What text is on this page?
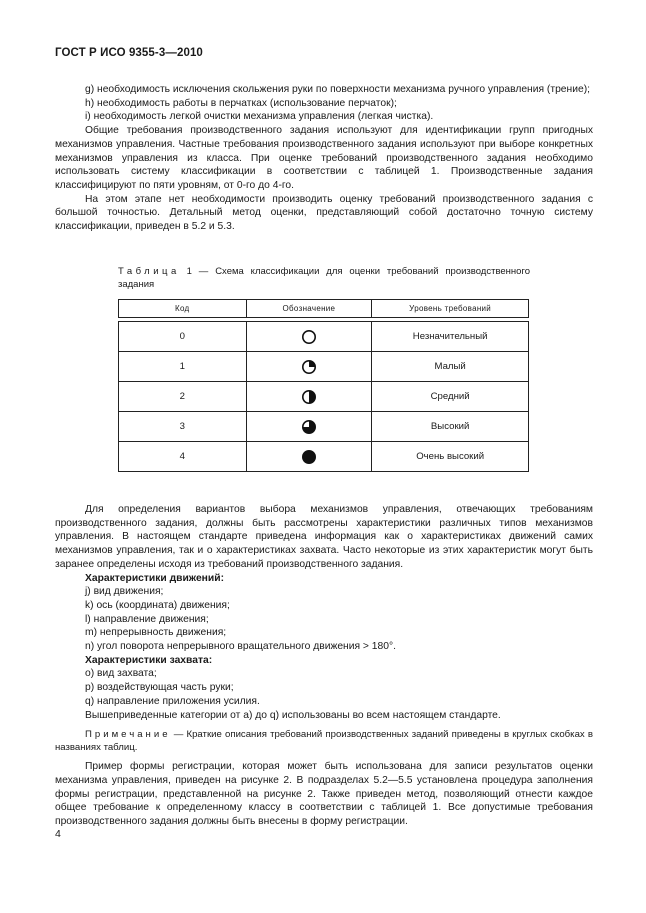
ГОСТ Р ИСО 9355-3—2010

g) необходимость исключения скольжения руки по поверхности механизма ручного управления (трение);

h) необходимость работы в перчатках (использование перчаток);

i) необходимость легкой очистки механизма управления (легкая чистка).

Общие требования производственного задания используют для идентификации групп пригодных механизмов управления. Частные требования производственного задания используют при выборе конкретных механизмов управления из класса. При оценке требований производственного задания необходимо использовать систему классификации в соответствии с таблицей 1. Производственные задания классифицируют по пяти уровням, от 0-го до 4-го.

На этом этапе нет необходимости производить оценку требований производственного задания с большой точностью. Детальный метод оценки, представляющий собой достаточно точную систему классификации, приведен в 5.2 и 5.3.

Таблица 1 — Схема классификации для оценки требований производственного задания
Код	Обозначение	Уровень требований

0		Незначительный
1		Малый
2		Средний
3		Высокий
4		Очень высокий

Для определения вариантов выбора механизмов управления, отвечающих требованиям производственного задания, должны быть рассмотрены характеристики различных типов механизмов управления. В настоящем стандарте приведена информация как о характеристиках движений самих механизмов управления, так и о характеристиках захвата. Часто некоторые из этих характеристик могут быть заранее определены исходя из требований производственного задания.

Характеристики движений:

j) вид движения;

k) ось (координата) движения;

l) направление движения;

m) непрерывность движения;

n) угол поворота непрерывного вращательного движения > 180°.

Характеристики захвата:

o) вид захвата;

p) воздействующая часть руки;

q) направление приложения усилия.

Вышеприведенные категории от а) до q) использованы во всем настоящем стандарте.

Примечание — Краткие описания требований производственных заданий приведены в круглых скобках в названиях таблиц.

Пример формы регистрации, которая может быть использована для записи результатов оценки механизма управления, приведен на рисунке 2. В подразделах 5.2—5.5 установлена процедура заполнения формы регистрации, представленной на рисунке 2. Также приведен метод, позволяющий отнести каждое общее требование к определенному классу в соответствии с таблицей 1. Все допустимые требования производственного задания должны быть внесены в форму регистрации.

4
